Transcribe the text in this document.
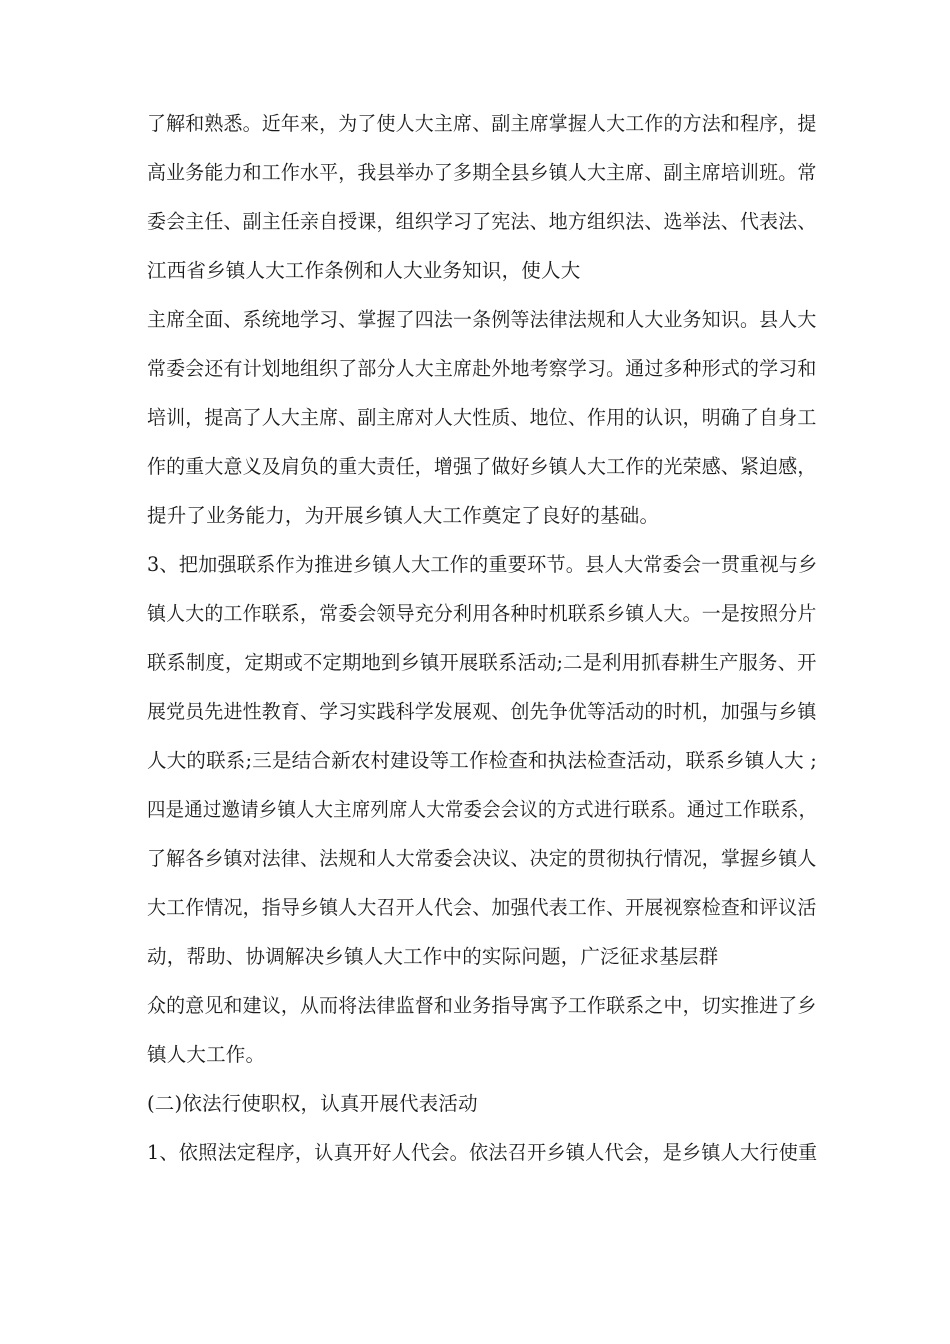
了解和熟悉。近年来，为了使人大主席、副主席掌握人大工作的方法和程序，提
高业务能力和工作水平，我县举办了多期全县乡镇人大主席、副主席培训班。常
委会主任、副主任亲自授课，组织学习了宪法、地方组织法、选举法、代表法、
江西省乡镇人大工作条例和人大业务知识，使人大
主席全面、系统地学习、掌握了四法一条例等法律法规和人大业务知识。县人大
常委会还有计划地组织了部分人大主席赴外地考察学习。通过多种形式的学习和
培训，提高了人大主席、副主席对人大性质、地位、作用的认识，明确了自身工
作的重大意义及肩负的重大责任，增强了做好乡镇人大工作的光荣感、紧迫感，
提升了业务能力，为开展乡镇人大工作奠定了良好的基础。
3、把加强联系作为推进乡镇人大工作的重要环节。县人大常委会一贯重视与乡
镇人大的工作联系，常委会领导充分利用各种时机联系乡镇人大。一是按照分片
联系制度，定期或不定期地到乡镇开展联系活动;二是利用抓春耕生产服务、开
展党员先进性教育、学习实践科学发展观、创先争优等活动的时机，加强与乡镇
人大的联系;三是结合新农村建设等工作检查和执法检查活动，联系乡镇人大 ;
四是通过邀请乡镇人大主席列席人大常委会会议的方式进行联系。通过工作联系，
了解各乡镇对法律、法规和人大常委会决议、决定的贯彻执行情况，掌握乡镇人
大工作情况，指导乡镇人大召开人代会、加强代表工作、开展视察检查和评议活
动，帮助、协调解决乡镇人大工作中的实际问题，广泛征求基层群
众的意见和建议，从而将法律监督和业务指导寓予工作联系之中，切实推进了乡
镇人大工作。
(二)依法行使职权，认真开展代表活动
1、依照法定程序，认真开好人代会。依法召开乡镇人代会，是乡镇人大行使重
